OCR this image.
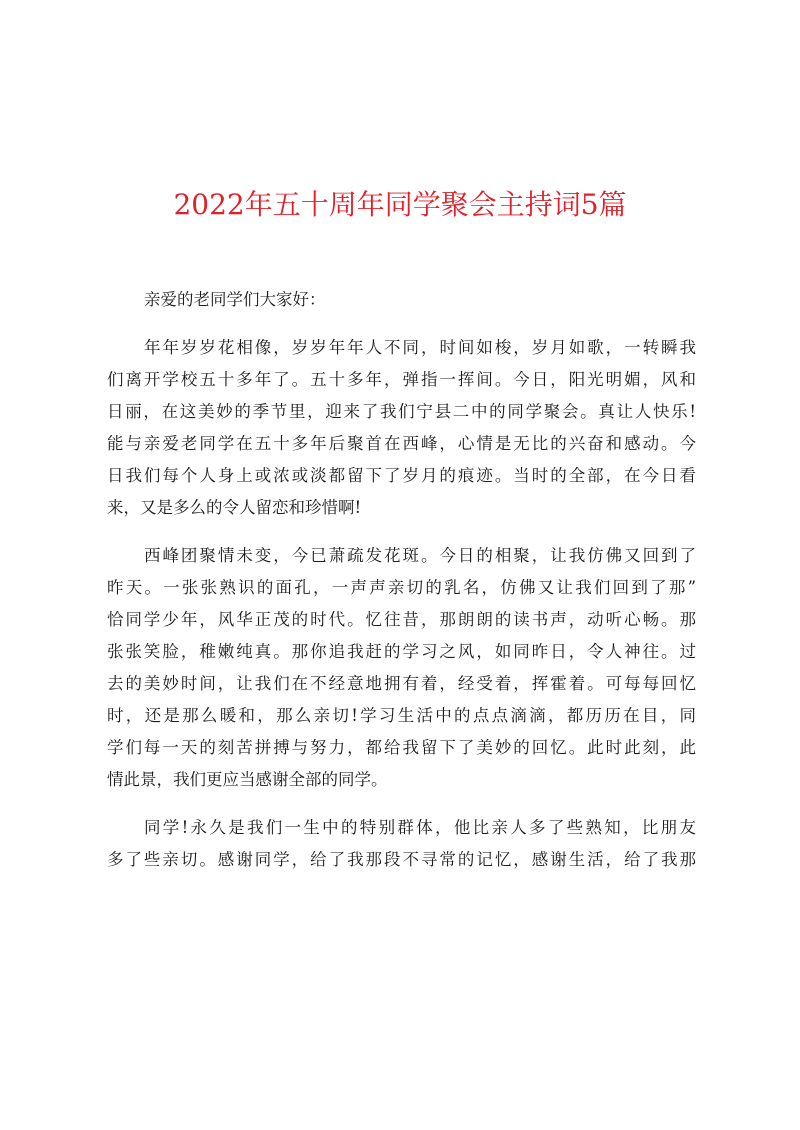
2022年五十周年同学聚会主持词5篇

亲爱的老同学们大家好：

年年岁岁花相像，岁岁年年人不同，时间如梭，岁月如歌，一转瞬我
们离开学校五十多年了。五十多年，弹指一挥间。今日，阳光明媚，风和
日丽，在这美妙的季节里，迎来了我们宁县二中的同学聚会。真让人快乐!
能与亲爱老同学在五十多年后聚首在西峰，心情是无比的兴奋和感动。今
日我们每个人身上或浓或淡都留下了岁月的痕迹。当时的全部，在今日看
来，又是多么的令人留恋和珍惜啊!

西峰团聚情未变，今已萧疏发花斑。今日的相聚，让我仿佛又回到了
昨天。一张张熟识的面孔，一声声亲切的乳名，仿佛又让我们回到了那”
恰同学少年，风华正茂的时代。忆往昔，那朗朗的读书声，动听心畅。那
张张笑脸，稚嫩纯真。那你追我赶的学习之风，如同昨日，令人神往。过
去的美妙时间，让我们在不经意地拥有着，经受着，挥霍着。可每每回忆
时，还是那么暖和，那么亲切!学习生活中的点点滴滴，都历历在目，同
学们每一天的刻苦拼搏与努力，都给我留下了美妙的回忆。此时此刻，此
情此景，我们更应当感谢全部的同学。

同学!永久是我们一生中的特别群体，他比亲人多了些熟知，比朋友
多了些亲切。感谢同学，给了我那段不寻常的记忆，感谢生活，给了我那
